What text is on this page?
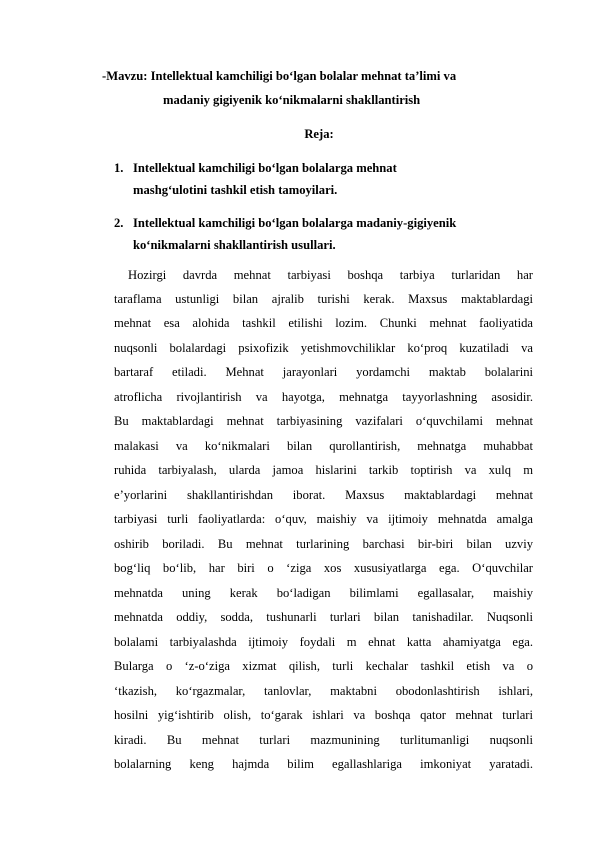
-Mavzu: Intellektual kamchiligi bo‘lgan bolalar mehnat ta’limi va
madaniy gigiyenik ko‘nikmalarni shakllantirish
Reja:
1. Intellektual kamchiligi bo‘lgan bolalarga mehnat
mashg‘ulotini tashkil etish tamoyilari.
2. Intellektual kamchiligi bo‘lgan bolalarga madaniy-gigiyenik
ko‘nikmalarni shakllantirish usullari.
Hozirgi davrda mehnat tarbiyasi boshqa tarbiya turlaridan har
taraflama ustunligi bilan ajralib turishi kerak. Maxsus maktablardagi
mehnat esa alohida tashkil etilishi lozim. Chunki mehnat faoliyatida
nuqsonli bolalardagi psixofizik yetishmovchiliklar ko‘proq kuzatiladi va
bartaraf etiladi. Mehnat jarayonlari yordamchi maktab bolalarini
atroflicha rivojlantirish va hayotga, mehnatga tayyorlashning asosidir.
Bu maktablardagi mehnat tarbiyasining vazifalari o‘quvchilami mehnat
malakasi va ko‘nikmalari bilan qurollantirish, mehnatga muhabbat
ruhida tarbiyalash, ularda jamoa hislarini tarkib toptirish va xulq m
e’yorlarini shakllantirishdan iborat. Maxsus maktablardagi mehnat
tarbiyasi turli faoliyatlarda: o‘quv, maishiy va ijtimoiy mehnatda amalga
oshirib boriladi. Bu mehnat turlarining barchasi bir-biri bilan uzviy
bog‘liq bo‘lib, har biri o ‘ziga xos xususiyatlarga ega. O‘quvchilar
mehnatda uning kerak bo‘ladigan bilimlami egallasalar, maishiy
mehnatda oddiy, sodda, tushunarli turlari bilan tanishadilar. Nuqsonli
bolalami tarbiyalashda ijtimoiy foydali m ehnat katta ahamiyatga ega.
Bularga o ‘z-o‘ziga xizmat qilish, turli kechalar tashkil etish va o
‘tkazish, ko‘rgazmalar, tanlovlar, maktabni obodonlashtirish ishlari,
hosilni yig‘ishtirib olish, to‘garak ishlari va boshqa qator mehnat turlari
kiradi. Bu mehnat turlari mazmunining turlitumanligi nuqsonli
bolalarning keng hajmda bilim egallashlariga imkoniyat yaratadi.
